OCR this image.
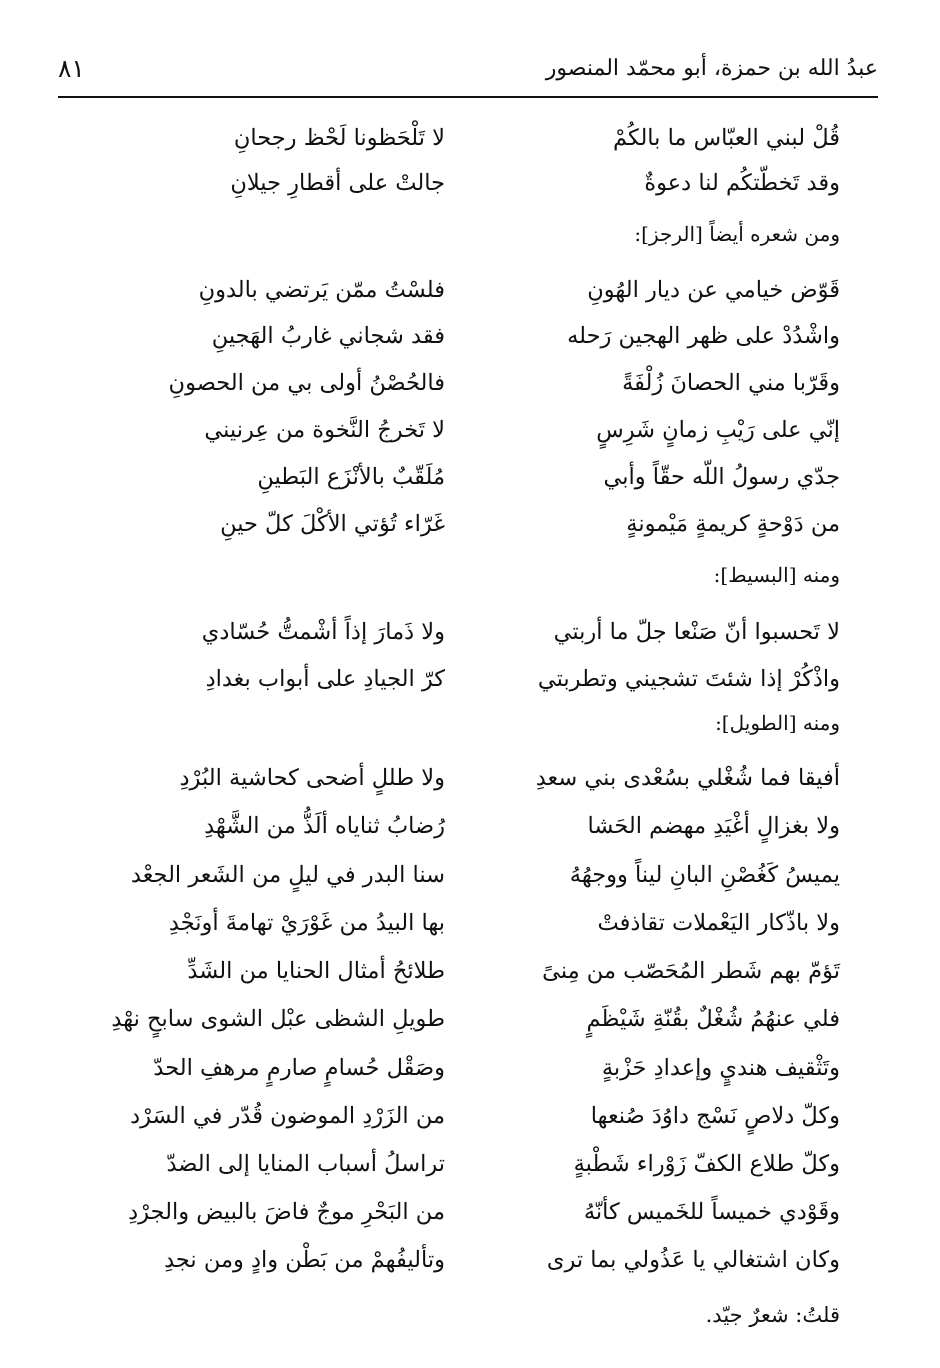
٨١	عبدُ الله بن حمزة، أبو محمّد المنصور
قُلْ لبني العبّاس ما بالكُمْ
لا تَلْحَظونا لَحْظ رجحانِ
وقد تَخطّتكُم لنا دعوةٌ
جالتْ على أقطارِ جيلانِ
ومن شعره أيضاً [الرجز]:
قَوّض خيامي عن ديار الهُونِ
فلسْتُ ممّن يَرتضي بالدونِ
واشْدُدْ على ظهر الهجين رَحله
فقد شجاني غاربُ الهَجينِ
وقَرّبا مني الحصانَ زُلْفَةً
فالحُصْنُ أولى بي من الحصونِ
إنّي على رَيْبِ زمانٍ شَرِسٍ
لا تَخرجُ النَّخوة من عِرنيني
جدّي رسولُ اللّه حقّاً وأبي
مُلَقّبٌ بالأنْزَع البَطينِ
من دَوْحةٍ كريمةٍ مَيْمونةٍ
غَرّاء تُؤتي الأكْلَ كلّ حينِ
ومنه [البسيط]:
لا تَحسبوا أنّ صَنْعا جلّ ما أربتي
ولا ذَمارَ إذاً أشْمتُّ حُسّادي
واذْكُرْ إذا شئتَ تشجيني وتطربتي
كرّ الجيادِ على أبواب بغدادِ
ومنه [الطويل]:
أفيقا فما شُغْلي بسُعْدى بني سعدِ
ولا طللٍ أضحى كحاشية البُرْدِ
ولا بغزالٍ أغْيَدِ مهضم الحَشا
رُضابُ ثناياه ألَذُّ من الشَّهْدِ
يميسُ كَغُصْنِ البانِ ليناً ووجهُهُ
سنا البدر في ليلٍ من الشَعر الجعْد
ولا باذّكار اليَعْملات تقاذفتْ
بها البيدُ من غَوْرَيْ تهامةَ أونَجْدِ
تَؤمّ بهم شَطر المُحَصّب من مِنىً
طلائحُ أمثال الحنايا من الشَدِّ
فلي عنهُمُ شُغْلٌ بقُنّةِ شَيْظَمٍ
طويلِ الشظى عبْل الشوى سابحٍ نهْدِ
وتَثْقيف هنديٍ وإعدادِ حَزْبةٍ
وصَقْل حُسامٍ صارمٍ مرهفِ الحدّ
وكلّ دلاصٍ نَسْج داوُدَ صُنعها
من الزَرْدِ الموضون قُدّر في السَرْد
وكلّ طلاع الكفّ زَوْراء شَطْبةٍ
تراسلُ أسباب المنايا إلى الضدّ
وقَوْدي خميساً للخَميس كأنّهُ
من البَحْرِ موجٌ فاضَ بالبيض والجرْدِ
وكان اشتغالي يا عَذُولي بما ترى
وتأليفُهمْ من بَطْن وادٍ ومن نجدِ
قلتُ: شعرٌ جيّد.
